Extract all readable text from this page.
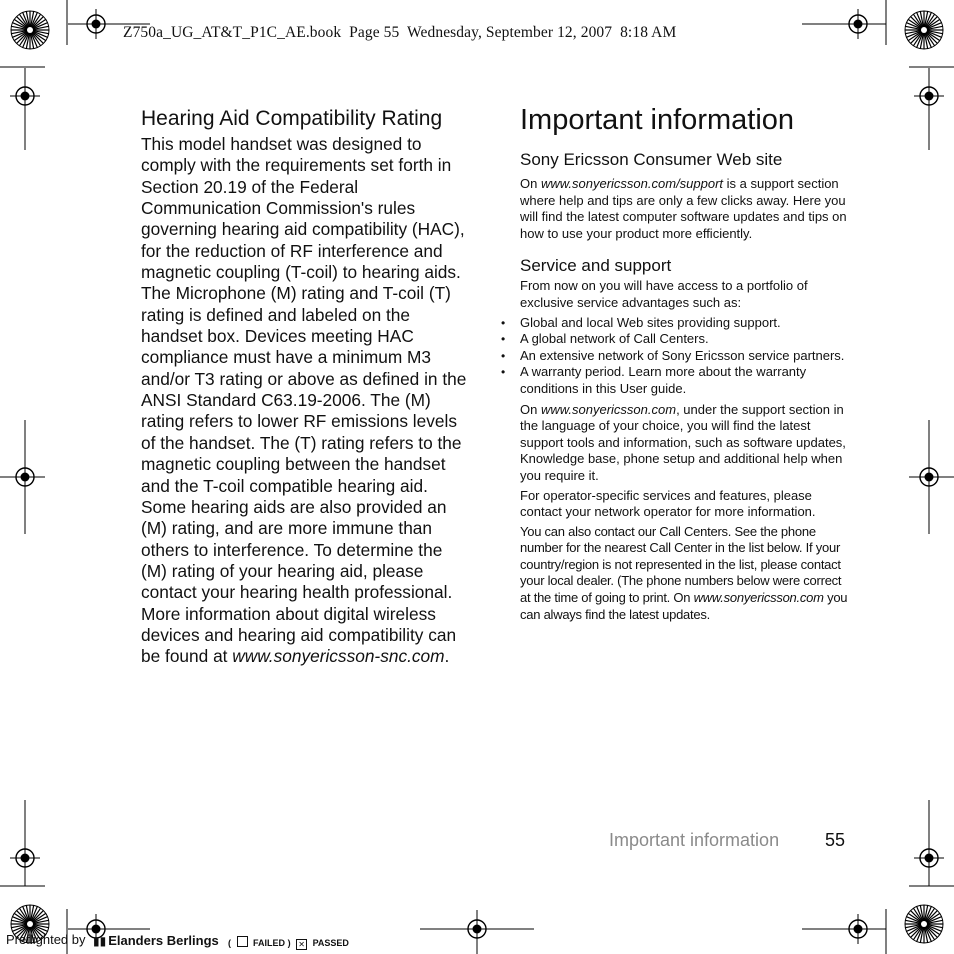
Z750a_UG_AT&T_P1C_AE.book  Page 55  Wednesday, September 12, 2007  8:18 AM
Hearing Aid Compatibility Rating

This model handset was designed to comply with the requirements set forth in Section 20.19 of the Federal Communication Commission's rules governing hearing aid compatibility (HAC), for the reduction of RF interference and magnetic coupling (T-coil) to hearing aids. The Microphone (M) rating and T-coil (T) rating is defined and labeled on the handset box. Devices meeting HAC compliance must have a minimum M3 and/or T3 rating or above as defined in the ANSI Standard C63.19-2006. The (M) rating refers to lower RF emissions levels of the handset. The (T) rating refers to the magnetic coupling between the handset and the T-coil compatible hearing aid. Some hearing aids are also provided an (M) rating, and are more immune than others to interference. To determine the (M) rating of your hearing aid, please contact your hearing health professional. More information about digital wireless devices and hearing aid compatibility can be found at www.sonyericsson-snc.com.

Important information
Sony Ericsson Consumer Web site

On www.sonyericsson.com/support is a support section where help and tips are only a few clicks away. Here you will find the latest computer software updates and tips on how to use your product more efficiently.

Service and support

From now on you will have access to a portfolio of exclusive service advantages such as:

• Global and local Web sites providing support.
• A global network of Call Centers.
• An extensive network of Sony Ericsson service partners.
• A warranty period. Learn more about the warranty conditions in this User guide.

On www.sonyericsson.com, under the support section in the language of your choice, you will find the latest support tools and information, such as software updates, Knowledge base, phone setup and additional help when you require it.

For operator-specific services and features, please contact your network operator for more information.

You can also contact our Call Centers. See the phone number for the nearest Call Center in the list below. If your country/region is not represented in the list, please contact your local dealer. (The phone numbers below were correct at the time of going to print. On www.sonyericsson.com you can always find the latest updates.

Important information	55
Preflighted by ▮▮ Elanders Berlings ( FAILED ) ✕ PASSED
